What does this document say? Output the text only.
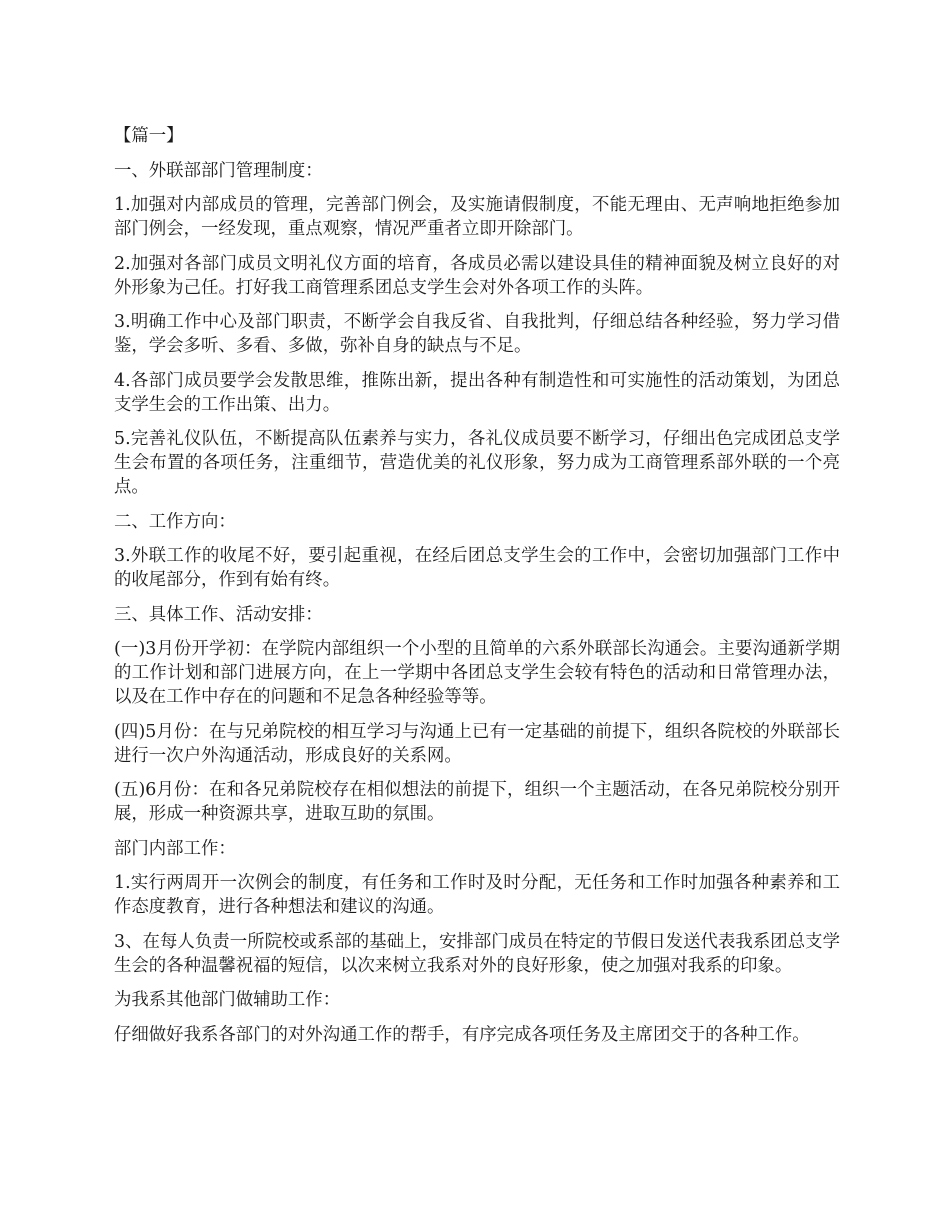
【篇一】

一、外联部部门管理制度：

1.加强对内部成员的管理，完善部门例会，及实施请假制度，不能无理由、无声响地拒绝参加部门例会，一经发现，重点观察，情况严重者立即开除部门。

2.加强对各部门成员文明礼仪方面的培育，各成员必需以建设具佳的精神面貌及树立良好的对外形象为己任。打好我工商管理系团总支学生会对外各项工作的头阵。

3.明确工作中心及部门职责，不断学会自我反省、自我批判，仔细总结各种经验，努力学习借鉴，学会多听、多看、多做，弥补自身的缺点与不足。

4.各部门成员要学会发散思维，推陈出新，提出各种有制造性和可实施性的活动策划，为团总支学生会的工作出策、出力。

5.完善礼仪队伍，不断提高队伍素养与实力，各礼仪成员要不断学习，仔细出色完成团总支学生会布置的各项任务，注重细节，营造优美的礼仪形象，努力成为工商管理系部外联的一个亮点。

二、工作方向：

3.外联工作的收尾不好，要引起重视，在经后团总支学生会的工作中，会密切加强部门工作中的收尾部分，作到有始有终。

三、具体工作、活动安排：

(一)3月份开学初：在学院内部组织一个小型的且简单的六系外联部长沟通会。主要沟通新学期的工作计划和部门进展方向，在上一学期中各团总支学生会较有特色的活动和日常管理办法，以及在工作中存在的问题和不足急各种经验等等。

(四)5月份：在与兄弟院校的相互学习与沟通上已有一定基础的前提下，组织各院校的外联部长进行一次户外沟通活动，形成良好的关系网。

(五)6月份：在和各兄弟院校存在相似想法的前提下，组织一个主题活动，在各兄弟院校分别开展，形成一种资源共享，进取互助的氛围。

部门内部工作：

1.实行两周开一次例会的制度，有任务和工作时及时分配，无任务和工作时加强各种素养和工作态度教育，进行各种想法和建议的沟通。

3、在每人负责一所院校或系部的基础上，安排部门成员在特定的节假日发送代表我系团总支学生会的各种温馨祝福的短信，以次来树立我系对外的良好形象，使之加强对我系的印象。

为我系其他部门做辅助工作：

仔细做好我系各部门的对外沟通工作的帮手，有序完成各项任务及主席团交于的各种工作。
